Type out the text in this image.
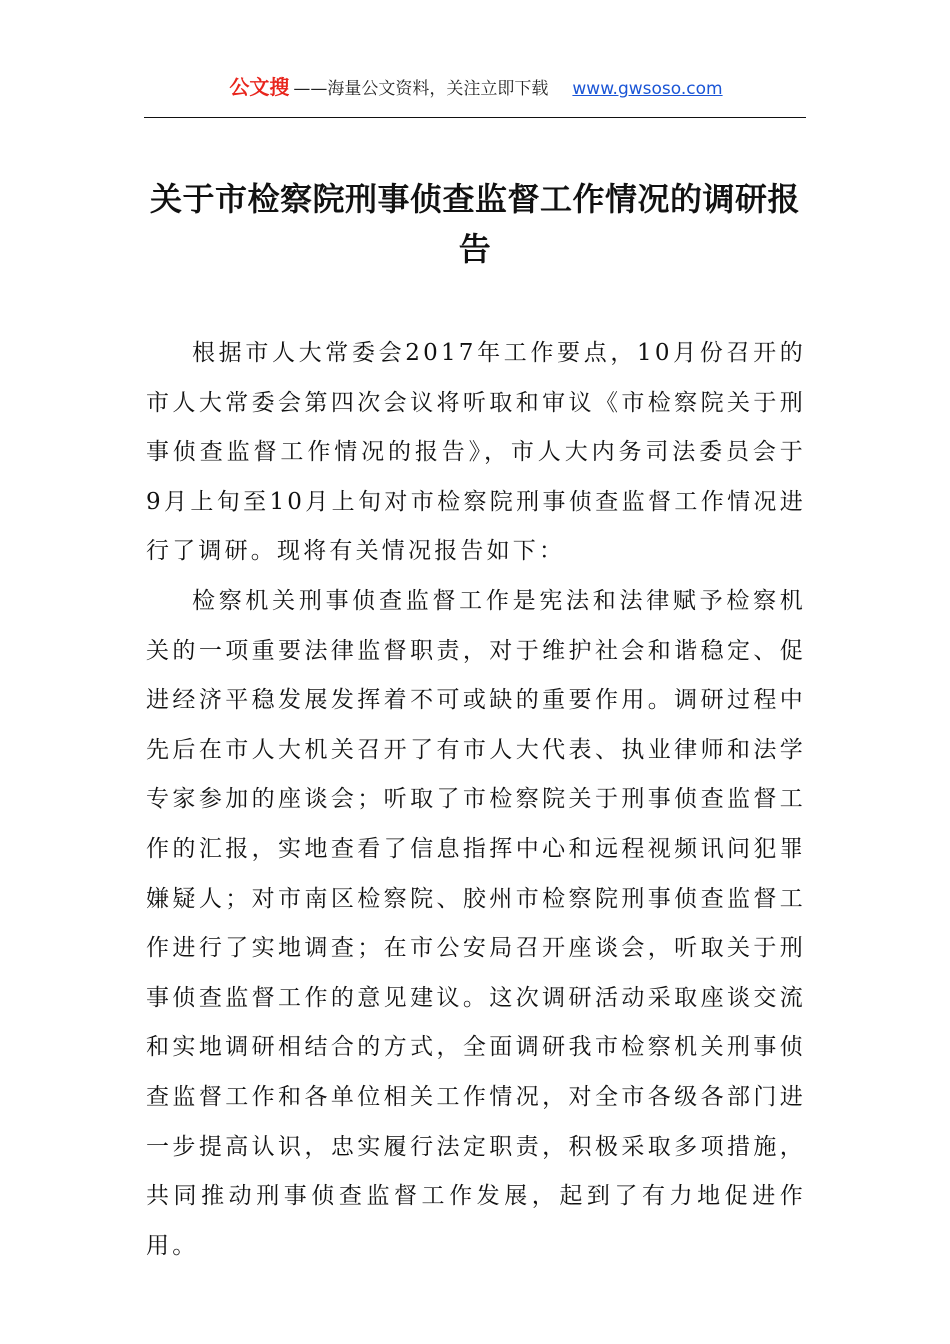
公文搜 ——海量公文资料，关注立即下载 www.gwsoso.com
关于市检察院刑事侦查监督工作情况的调研报告

根据市人大常委会2017年工作要点，10月份召开的市人大常委会第四次会议将听取和审议《市检察院关于刑事侦查监督工作情况的报告》，市人大内务司法委员会于9月上旬至10月上旬对市检察院刑事侦查监督工作情况进行了调研。现将有关情况报告如下：

检察机关刑事侦查监督工作是宪法和法律赋予检察机关的一项重要法律监督职责，对于维护社会和谐稳定、促进经济平稳发展发挥着不可或缺的重要作用。调研过程中先后在市人大机关召开了有市人大代表、执业律师和法学专家参加的座谈会；听取了市检察院关于刑事侦查监督工作的汇报，实地查看了信息指挥中心和远程视频讯问犯罪嫌疑人；对市南区检察院、胶州市检察院刑事侦查监督工作进行了实地调查；在市公安局召开座谈会，听取关于刑事侦查监督工作的意见建议。这次调研活动采取座谈交流和实地调研相结合的方式，全面调研我市检察机关刑事侦查监督工作和各单位相关工作情况，对全市各级各部门进一步提高认识，忠实履行法定职责，积极采取多项措施，共同推动刑事侦查监督工作发展，起到了有力地促进作用。
